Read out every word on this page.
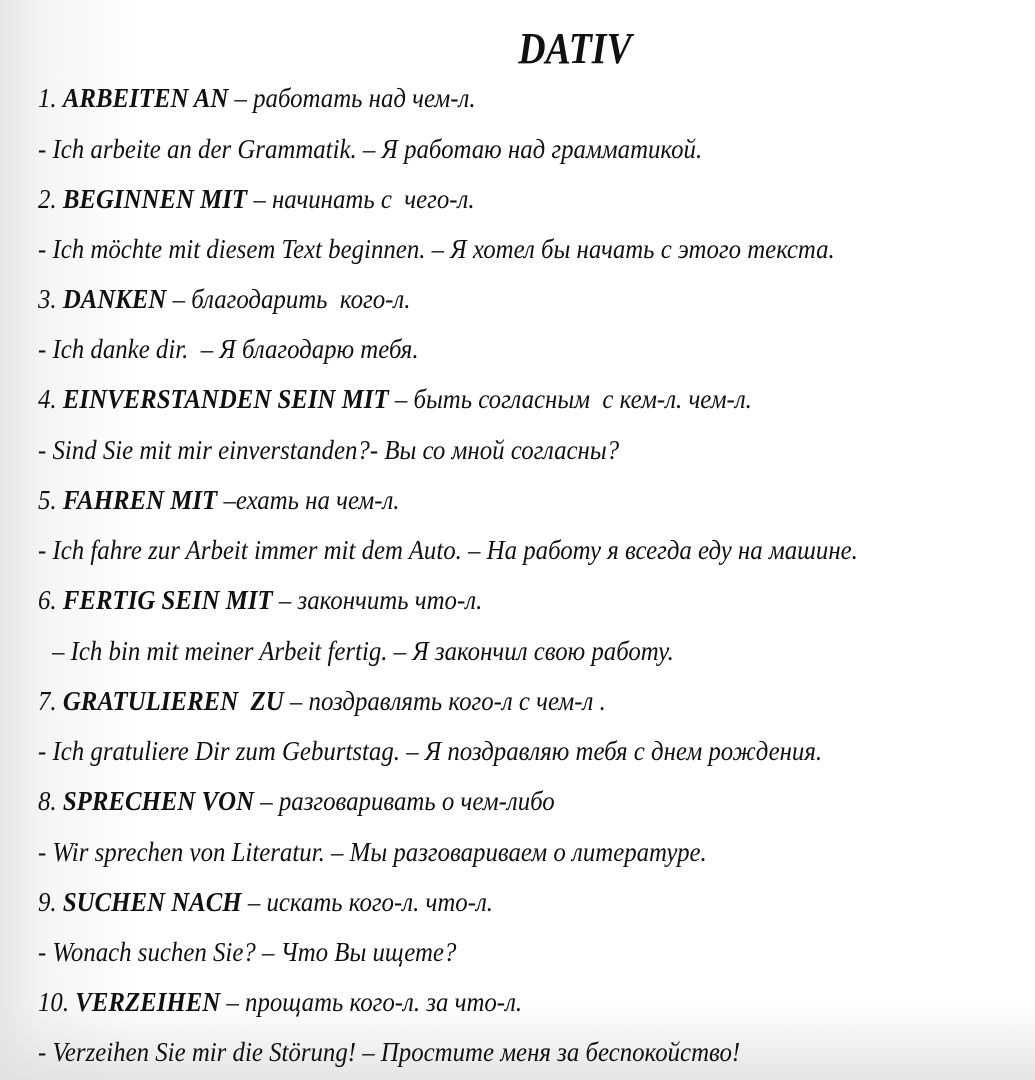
DATIV
1. ARBEITEN AN – работать над чем-л.
- Ich arbeite an der Grammatik. – Я работаю над грамматикой.
2. BEGINNEN MIT – начинать с  чего-л.
- Ich möchte mit diesem Text beginnen. – Я хотел бы начать с этого текста.
3. DANKEN – благодарить  кого-л.
- Ich danke dir.  – Я благодарю тебя.
4. EINVERSTANDEN SEIN MIT – быть согласным  с кем-л. чем-л.
- Sind Sie mit mir einverstanden?- Вы со мной согласны?
5. FAHREN MIT –ехать на чем-л.
- Ich fahre zur Arbeit immer mit dem Auto. – На работу я всегда еду на машине.
6. FERTIG SEIN MIT – закончить что-л.
– Ich bin mit meiner Arbeit fertig. – Я закончил свою работу.
7. GRATULIEREN  ZU – поздравлять кого-л с чем-л .
- Ich gratuliere Dir zum Geburtstag. – Я поздравляю тебя с днем рождения.
8. SPRECHEN VON – разговаривать о чем-либо
- Wir sprechen von Literatur. – Мы разговариваем о литературе.
9. SUCHEN NACH – искать кого-л. что-л.
- Wonach suchen Sie? – Что Вы ищете?
10. VERZEIHEN – прощать кого-л. за что-л.
- Verzeihen Sie mir die Störung! – Простите меня за беспокойство!
